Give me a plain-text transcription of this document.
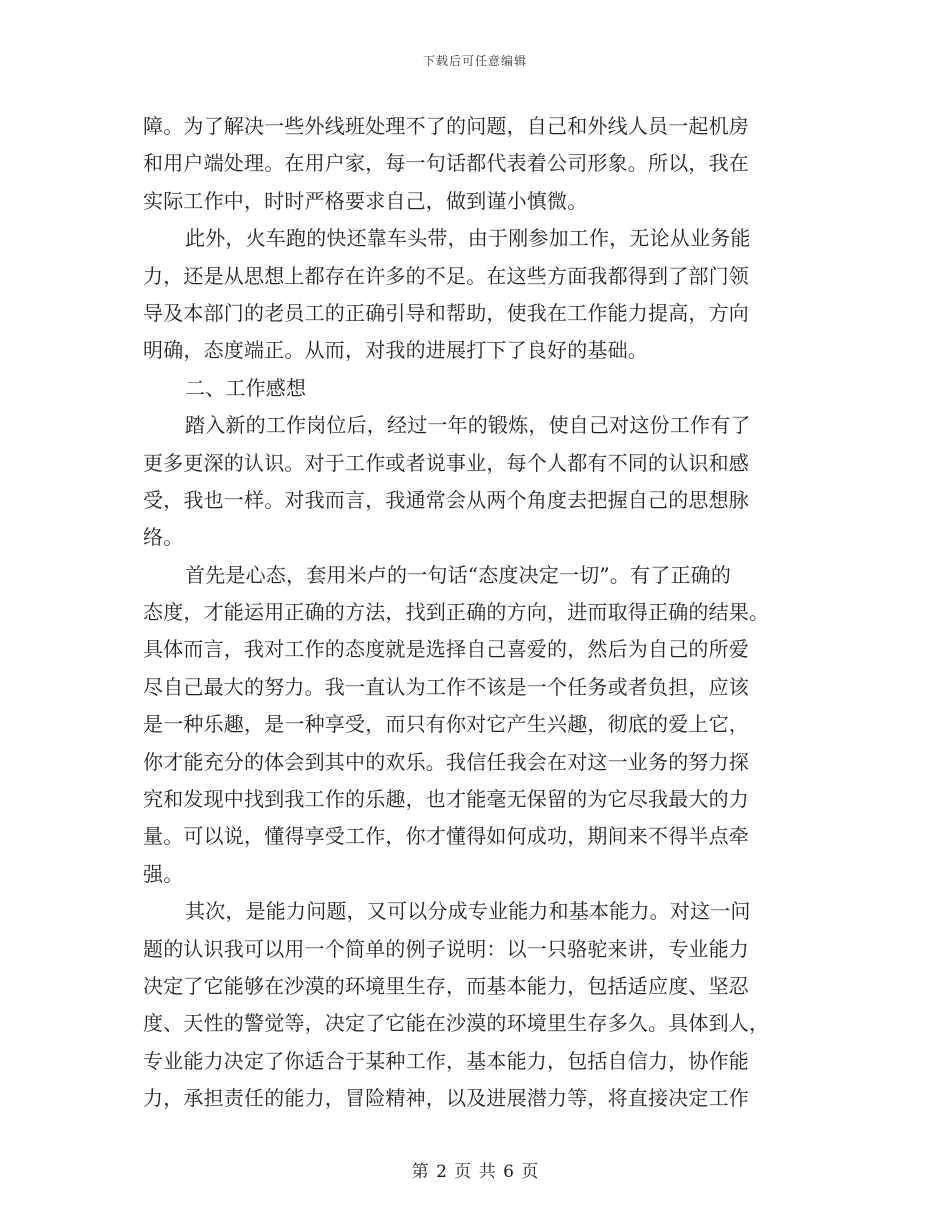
下载后可任意编辑
障。为了解决一些外线班处理不了的问题，自己和外线人员一起机房
和用户端处理。在用户家，每一句话都代表着公司形象。所以，我在
实际工作中，时时严格要求自己，做到谨小慎微。
此外，火车跑的快还靠车头带，由于刚参加工作，无论从业务能
力，还是从思想上都存在许多的不足。在这些方面我都得到了部门领
导及本部门的老员工的正确引导和帮助，使我在工作能力提高，方向
明确，态度端正。从而，对我的进展打下了良好的基础。
二、工作感想
踏入新的工作岗位后，经过一年的锻炼，使自己对这份工作有了
更多更深的认识。对于工作或者说事业，每个人都有不同的认识和感
受，我也一样。对我而言，我通常会从两个角度去把握自己的思想脉
络。
首先是心态，套用米卢的一句话“态度决定一切”。有了正确的
态度，才能运用正确的方法，找到正确的方向，进而取得正确的结果。
具体而言，我对工作的态度就是选择自己喜爱的，然后为自己的所爱
尽自己最大的努力。我一直认为工作不该是一个任务或者负担，应该
是一种乐趣，是一种享受，而只有你对它产生兴趣，彻底的爱上它，
你才能充分的体会到其中的欢乐。我信任我会在对这一业务的努力探
究和发现中找到我工作的乐趣，也才能毫无保留的为它尽我最大的力
量。可以说，懂得享受工作，你才懂得如何成功，期间来不得半点牵
强。
其次，是能力问题，又可以分成专业能力和基本能力。对这一问
题的认识我可以用一个简单的例子说明：以一只骆驼来讲，专业能力
决定了它能够在沙漠的环境里生存，而基本能力，包括适应度、坚忍
度、天性的警觉等，决定了它能在沙漠的环境里生存多久。具体到人，
专业能力决定了你适合于某种工作，基本能力，包括自信力，协作能
力，承担责任的能力，冒险精神，以及进展潜力等，将直接决定工作
第 2 页 共 6 页
